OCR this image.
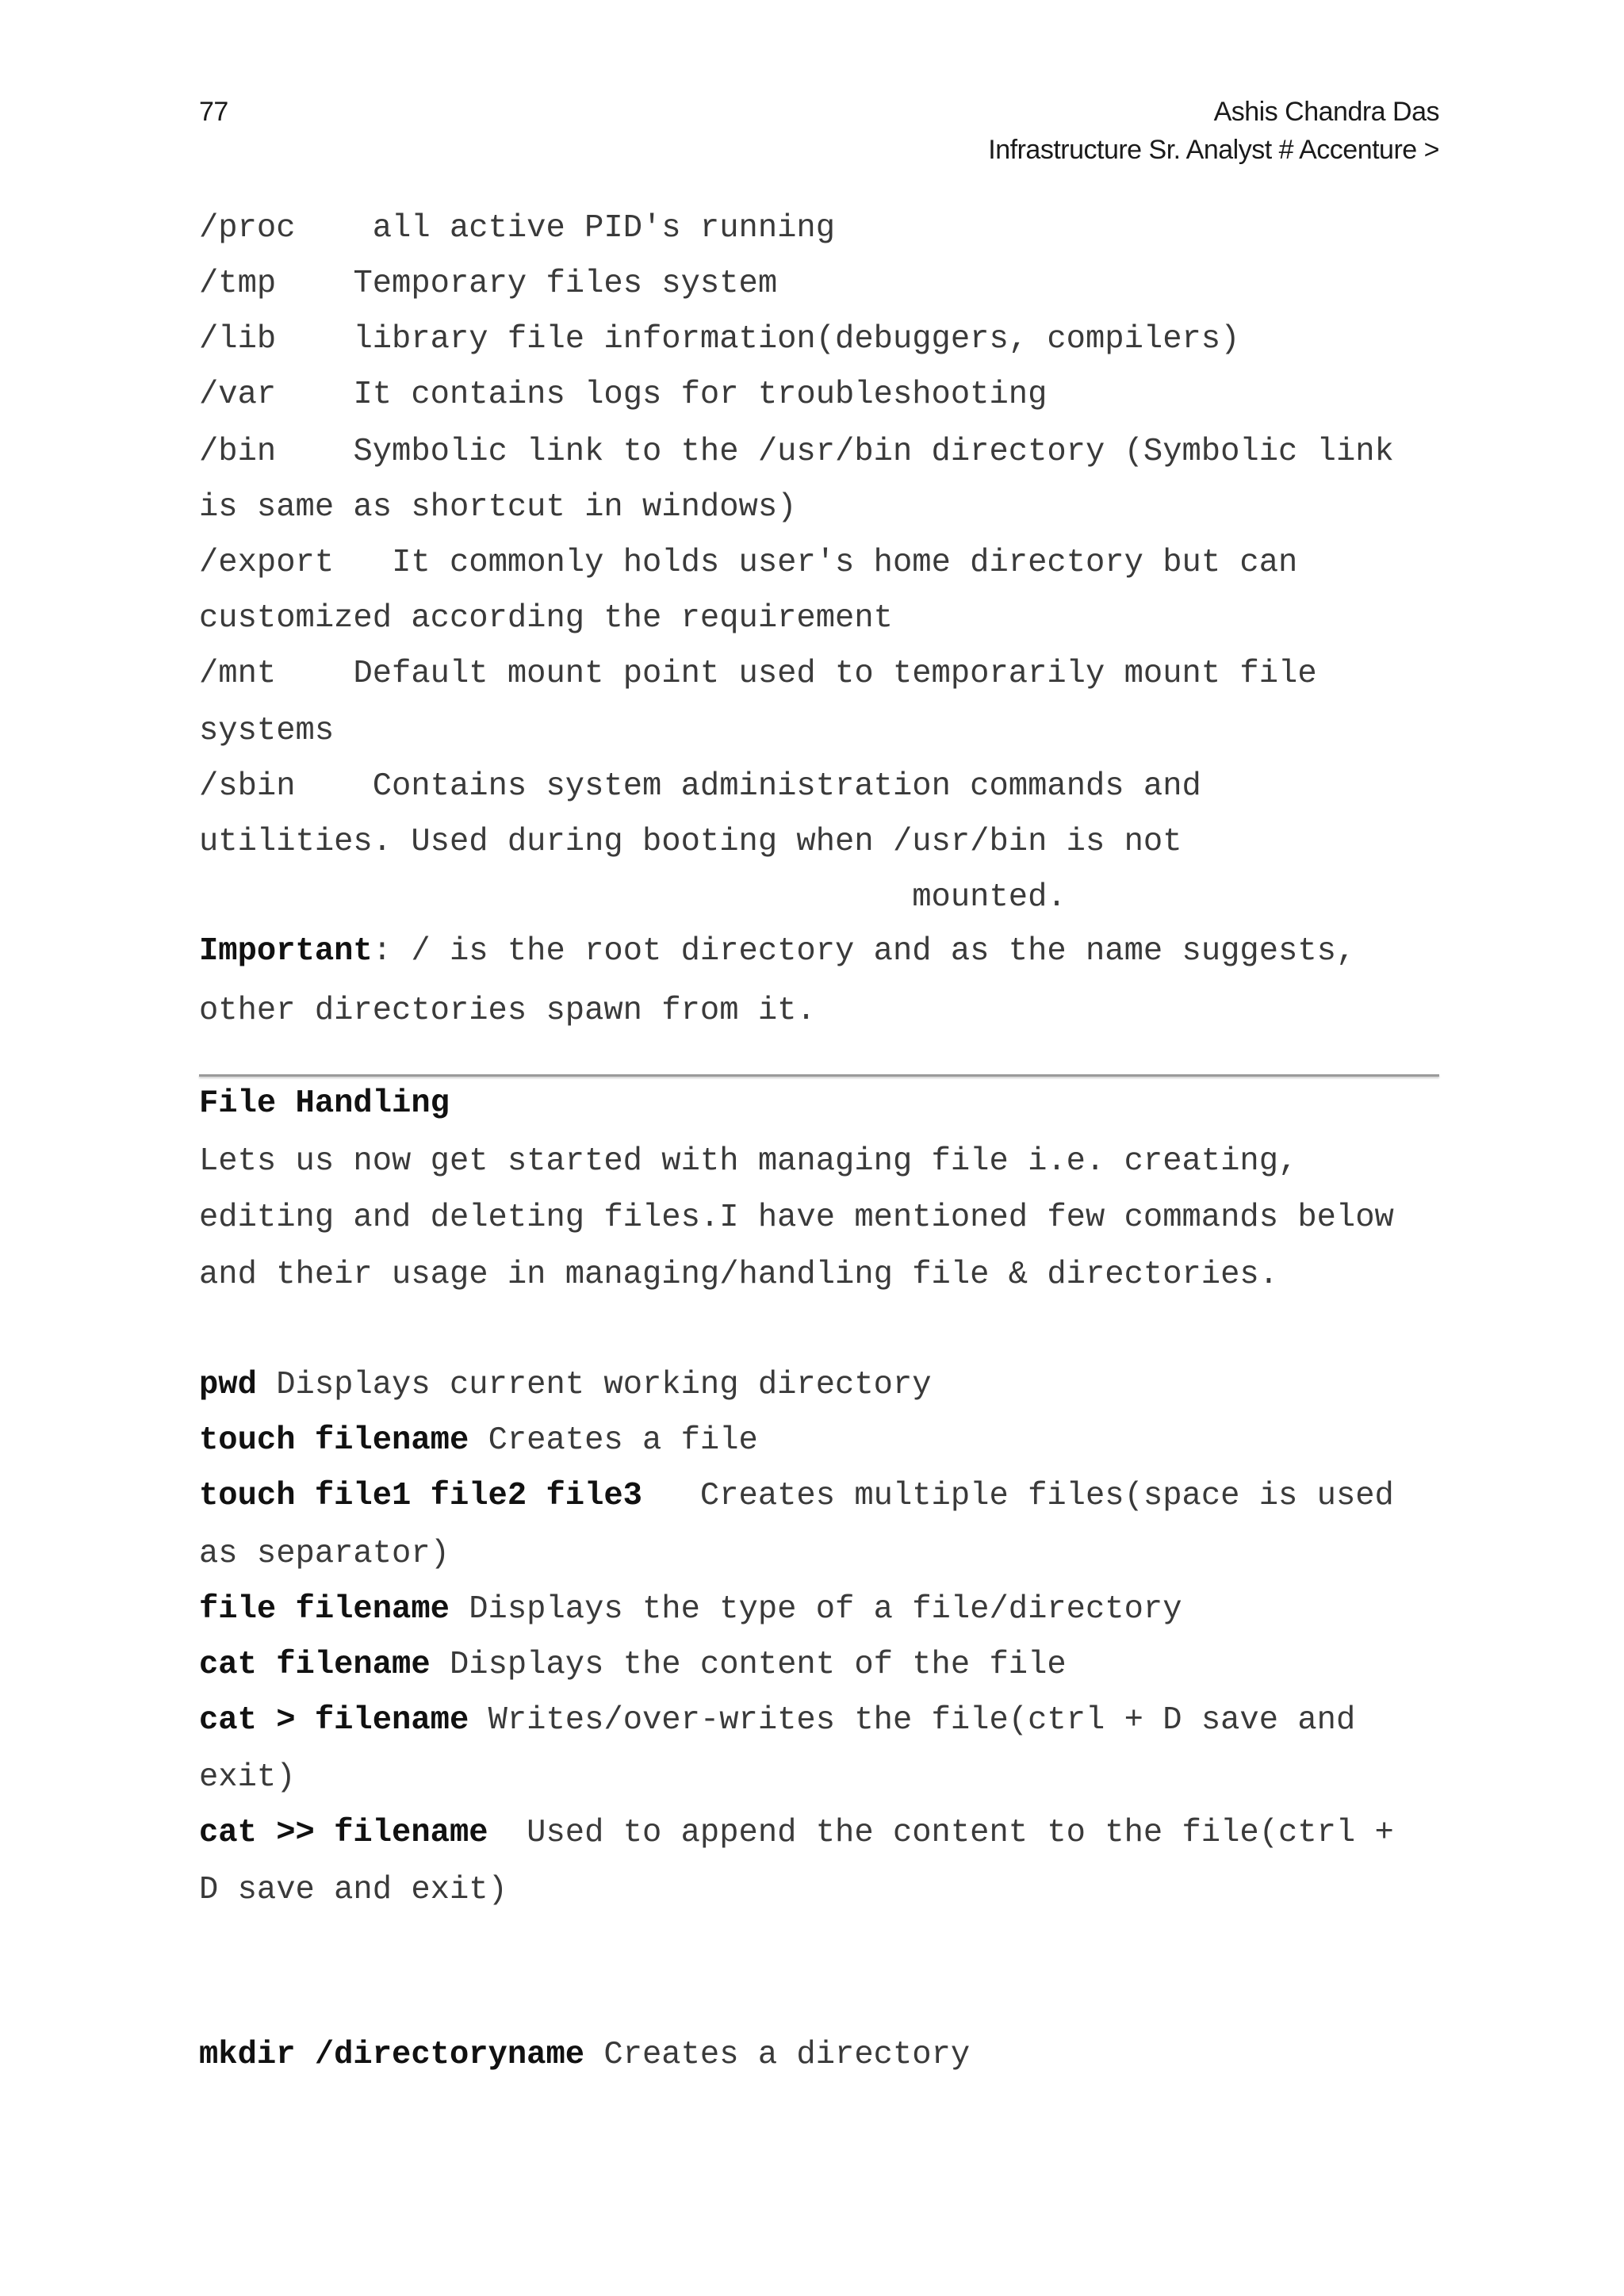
77	Ashis Chandra Das
Infrastructure Sr. Analyst # Accenture >
/proc all active PID's running
/tmp Temporary files system
/lib library file information(debuggers, compilers)
/var It contains logs for troubleshooting
/bin Symbolic link to the /usr/bin directory (Symbolic link
is same as shortcut in windows)
/export It commonly holds user's home directory but can
customized according the requirement
/mnt Default mount point used to temporarily mount file
systems
/sbin Contains system administration commands and
utilities. Used during booting when /usr/bin is not
mounted.
Important: / is the root directory and as the name suggests,
other directories spawn from it.
File Handling
Lets us now get started with managing file i.e. creating,
editing and deleting files.I have mentioned few commands below
and their usage in managing/handling file & directories.
pwd Displays current working directory
touch filename Creates a file
touch file1 file2 file3   Creates multiple files(space is used
as separator)
file filename Displays the type of a file/directory
cat filename Displays the content of the file
cat > filename Writes/over-writes the file(ctrl + D save and
exit)
cat >> filename  Used to append the content to the file(ctrl +
D save and exit)
mkdir /directoryname Creates a directory
